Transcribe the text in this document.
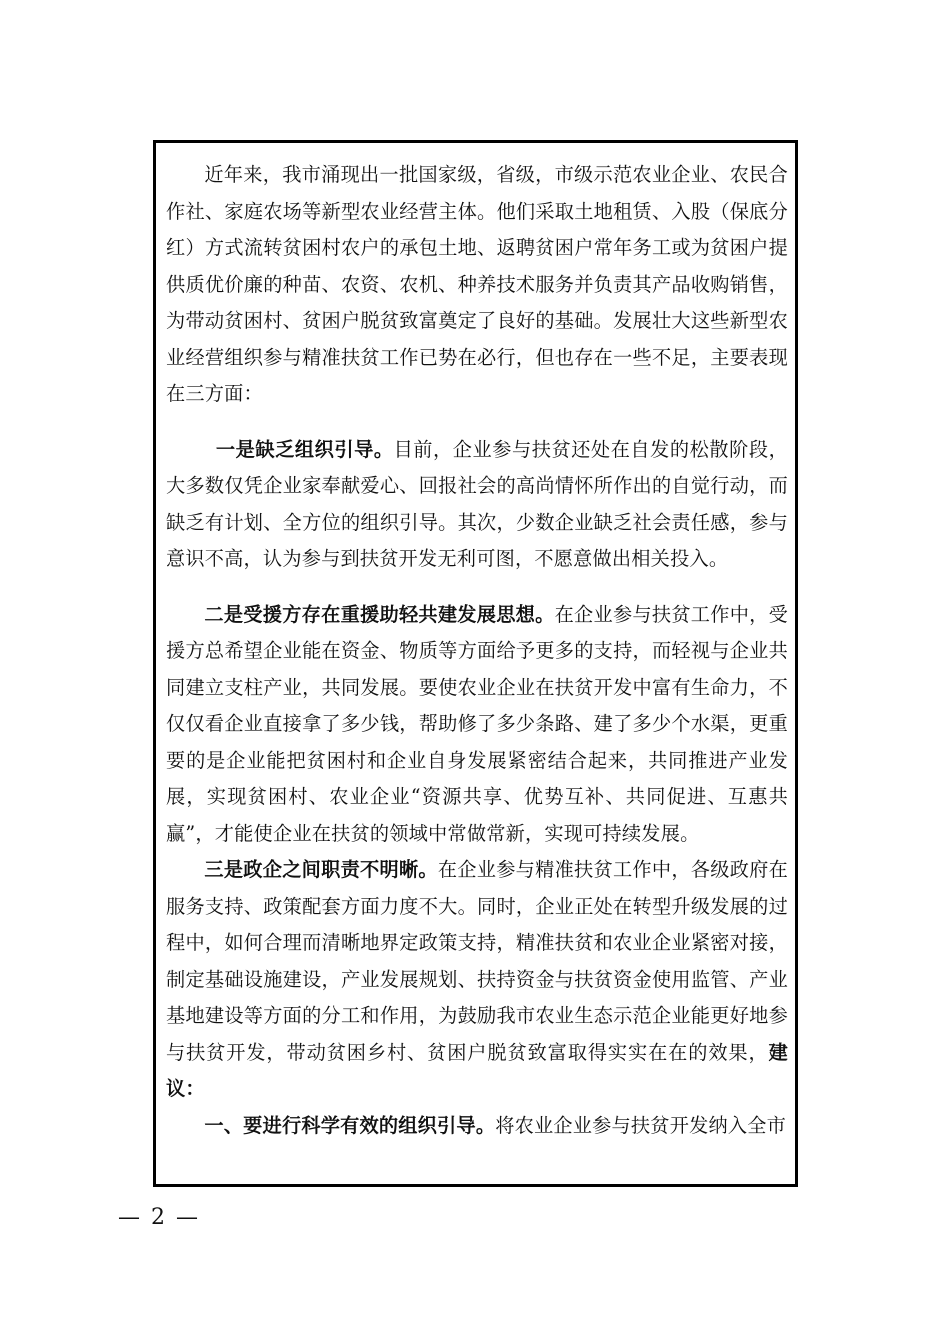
近年来，我市涌现出一批国家级，省级，市级示范农业企业、农民合作社、家庭农场等新型农业经营主体。他们采取土地租赁、入股（保底分红）方式流转贫困村农户的承包土地、返聘贫困户常年务工或为贫困户提供质优价廉的种苗、农资、农机、种养技术服务并负责其产品收购销售，为带动贫困村、贫困户脱贫致富奠定了良好的基础。发展壮大这些新型农业经营组织参与精准扶贫工作已势在必行，但也存在一些不足，主要表现在三方面：

一是缺乏组织引导。目前，企业参与扶贫还处在自发的松散阶段，大多数仅凭企业家奉献爱心、回报社会的高尚情怀所作出的自觉行动，而缺乏有计划、全方位的组织引导。其次，少数企业缺乏社会责任感，参与意识不高，认为参与到扶贫开发无利可图，不愿意做出相关投入。

二是受援方存在重援助轻共建发展思想。在企业参与扶贫工作中，受援方总希望企业能在资金、物质等方面给予更多的支持，而轻视与企业共同建立支柱产业，共同发展。要使农业企业在扶贫开发中富有生命力，不仅仅看企业直接拿了多少钱，帮助修了多少条路、建了多少个水渠，更重要的是企业能把贫困村和企业自身发展紧密结合起来，共同推进产业发展，实现贫困村、农业企业“资源共享、优势互补、共同促进、互惠共赢”，才能使企业在扶贫的领域中常做常新，实现可持续发展。

三是政企之间职责不明晰。在企业参与精准扶贫工作中，各级政府在服务支持、政策配套方面力度不大。同时，企业正处在转型升级发展的过程中，如何合理而清晰地界定政策支持，精准扶贫和农业企业紧密对接，制定基础设施建设，产业发展规划、扶持资金与扶贫资金使用监管、产业基地建设等方面的分工和作用，为鼓励我市农业生态示范企业能更好地参与扶贫开发，带动贫困乡村、贫困户脱贫致富取得实实在在的效果，建议：

一、要进行科学有效的组织引导。将农业企业参与扶贫开发纳入全市

— 2 —
